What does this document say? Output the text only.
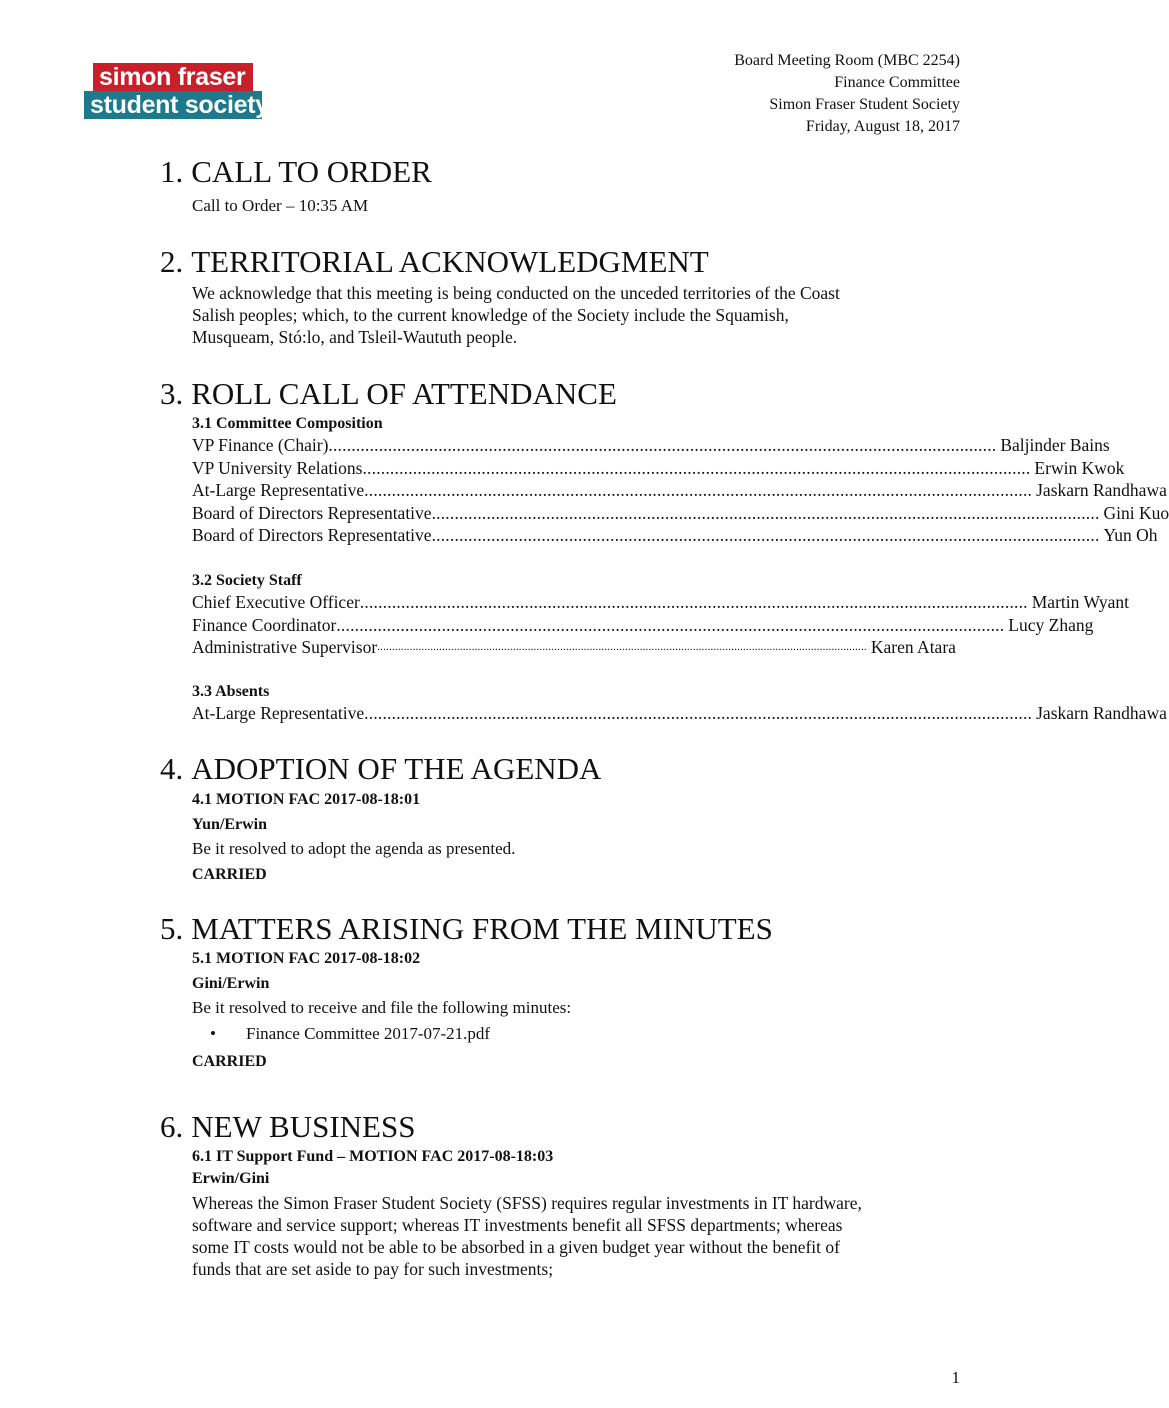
simon fraser
student society
Board Meeting Room (MBC 2254)
Finance Committee
Simon Fraser Student Society
Friday, August 18, 2017
1. CALL TO ORDER
Call to Order – 10:35 AM
2. TERRITORIAL ACKNOWLEDGMENT
We acknowledge that this meeting is being conducted on the unceded territories of the Coast
Salish peoples; which, to the current knowledge of the Society include the Squamish,
Musqueam, Stó:lo, and Tsleil-Waututh people.
3. ROLL CALL OF ATTENDANCE
3.1 Committee Composition
VP Finance (Chair) .................................................................................................................................................. Baljinder Bains
VP University Relations .................................................................................................................................................. Erwin Kwok
At-Large Representative .................................................................................................................................................. Jaskarn Randhawa
Board of Directors Representative .................................................................................................................................................. Gini Kuo
Board of Directors Representative .................................................................................................................................................. Yun Oh
3.2 Society Staff
Chief Executive Officer .................................................................................................................................................. Martin Wyant
Finance Coordinator .................................................................................................................................................. Lucy Zhang
Administrative Supervisor ...................................................................................................................................................................... Karen Atara
3.3 Absents
At-Large Representative .................................................................................................................................................. Jaskarn Randhawa
4. ADOPTION OF THE AGENDA
4.1 MOTION FAC 2017-08-18:01
Yun/Erwin
Be it resolved to adopt the agenda as presented.
CARRIED
5. MATTERS ARISING FROM THE MINUTES
5.1 MOTION FAC 2017-08-18:02
Gini/Erwin
Be it resolved to receive and file the following minutes:
• Finance Committee 2017-07-21.pdf
CARRIED
6. NEW BUSINESS
6.1 IT Support Fund – MOTION FAC 2017-08-18:03
Erwin/Gini
Whereas the Simon Fraser Student Society (SFSS) requires regular investments in IT hardware,
software and service support; whereas IT investments benefit all SFSS departments; whereas
some IT costs would not be able to be absorbed in a given budget year without the benefit of
funds that are set aside to pay for such investments;
1
